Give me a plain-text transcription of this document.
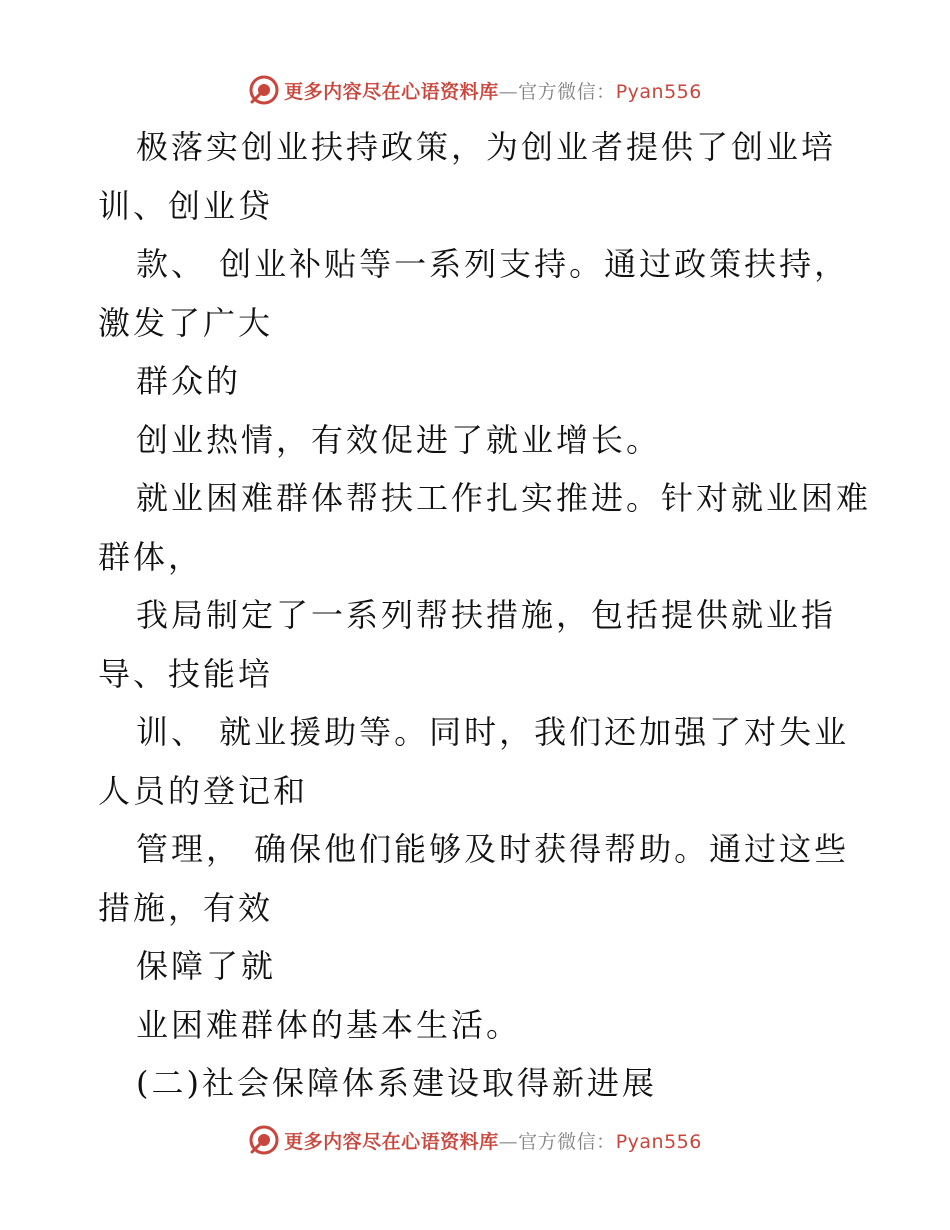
更多内容尽在心语资料库—官方微信：Pyan556
极落实创业扶持政策，为创业者提供了创业培
训、创业贷
款、 创业补贴等一系列支持。通过政策扶持，
激发了广大
群众的
创业热情，有效促进了就业增长。
就业困难群体帮扶工作扎实推进。针对就业困难
群体，
我局制定了一系列帮扶措施，包括提供就业指
导、技能培
训、 就业援助等。同时，我们还加强了对失业
人员的登记和
管理， 确保他们能够及时获得帮助。通过这些
措施，有效
保障了就
业困难群体的基本生活。
(二)社会保障体系建设取得新进展
更多内容尽在心语资料库—官方微信：Pyan556
